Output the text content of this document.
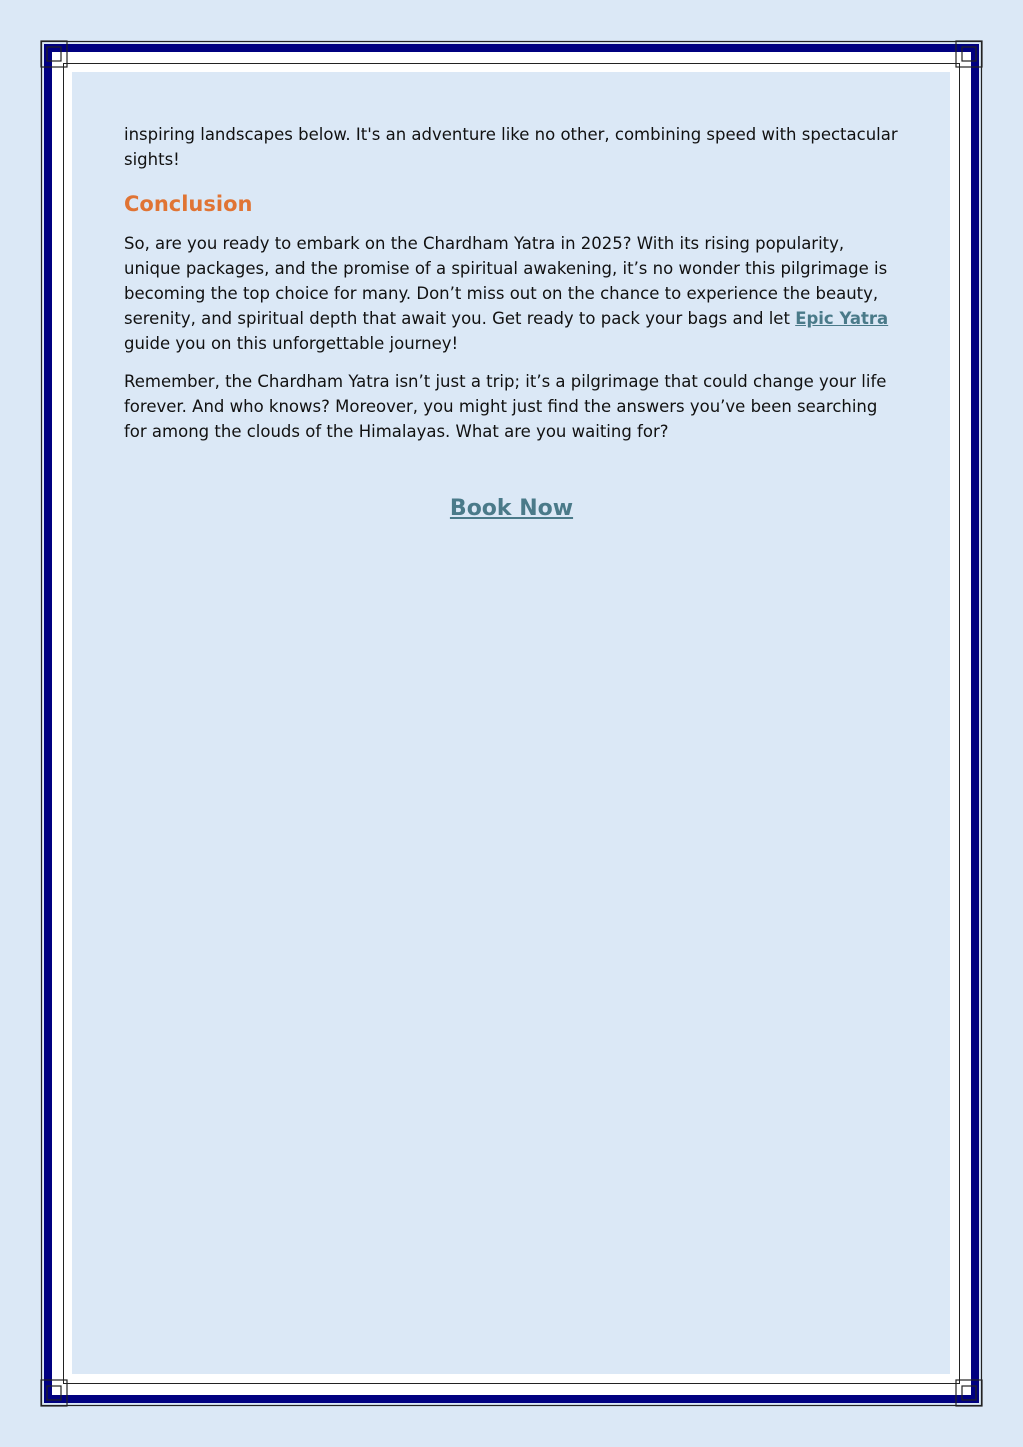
inspiring landscapes below. It's an adventure like no other, combining speed with spectacular sights!

Conclusion

So, are you ready to embark on the Chardham Yatra in 2025? With its rising popularity, unique packages, and the promise of a spiritual awakening, it’s no wonder this pilgrimage is becoming the top choice for many. Don’t miss out on the chance to experience the beauty, serenity, and spiritual depth that await you. Get ready to pack your bags and let Epic Yatra guide you on this unforgettable journey!

Remember, the Chardham Yatra isn’t just a trip; it’s a pilgrimage that could change your life forever. And who knows? Moreover, you might just find the answers you’ve been searching for among the clouds of the Himalayas. What are you waiting for?

Book Now
